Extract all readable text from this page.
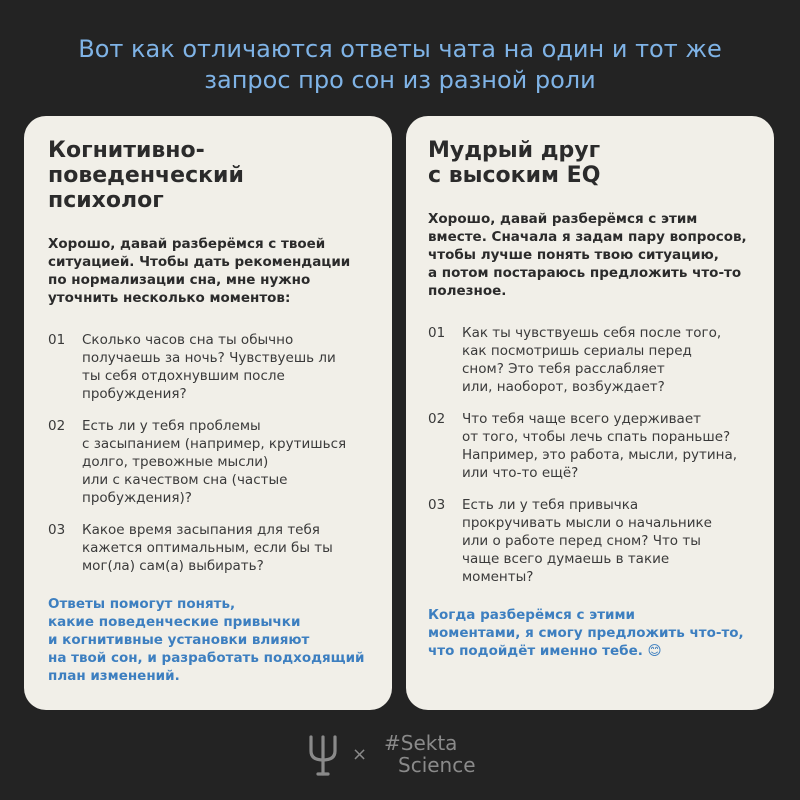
Вот как отличаются ответы чата на один и тот же
запрос про сон из разной роли
Когнитивно-
поведенческий
психолог
Хорошо, давай разберёмся с твоей
ситуацией. Чтобы дать рекомендации
по нормализации сна, мне нужно
уточнить несколько моментов:
01	Сколько часов сна ты обычно
получаешь за ночь? Чувствуешь ли
ты себя отдохнувшим после
пробуждения?
02	Есть ли у тебя проблемы
с засыпанием (например, крутишься
долго, тревожные мысли)
или с качеством сна (частые
пробуждения)?
03	Какое время засыпания для тебя
кажется оптимальным, если бы ты
мог(ла) сам(а) выбирать?
Ответы помогут понять,
какие поведенческие привычки
и когнитивные установки влияют
на твой сон, и разработать подходящий
план изменений.
Мудрый друг
с высоким EQ
Хорошо, давай разберёмся с этим
вместе. Сначала я задам пару вопросов,
чтобы лучше понять твою ситуацию,
а потом постараюсь предложить что-то
полезное.
01	Как ты чувствуешь себя после того,
как посмотришь сериалы перед
сном? Это тебя расслабляет
или, наоборот, возбуждает?
02	Что тебя чаще всего удерживает
от того, чтобы лечь спать пораньше?
Например, это работа, мысли, рутина,
или что-то ещё?
03	Есть ли у тебя привычка
прокручивать мысли о начальнике
или о работе перед сном? Что ты
чаще всего думаешь в такие
моменты?
Когда разберёмся с этими
моментами, я смогу предложить что-то,
что подойдёт именно тебе. 😊
× #Sekta
Science
